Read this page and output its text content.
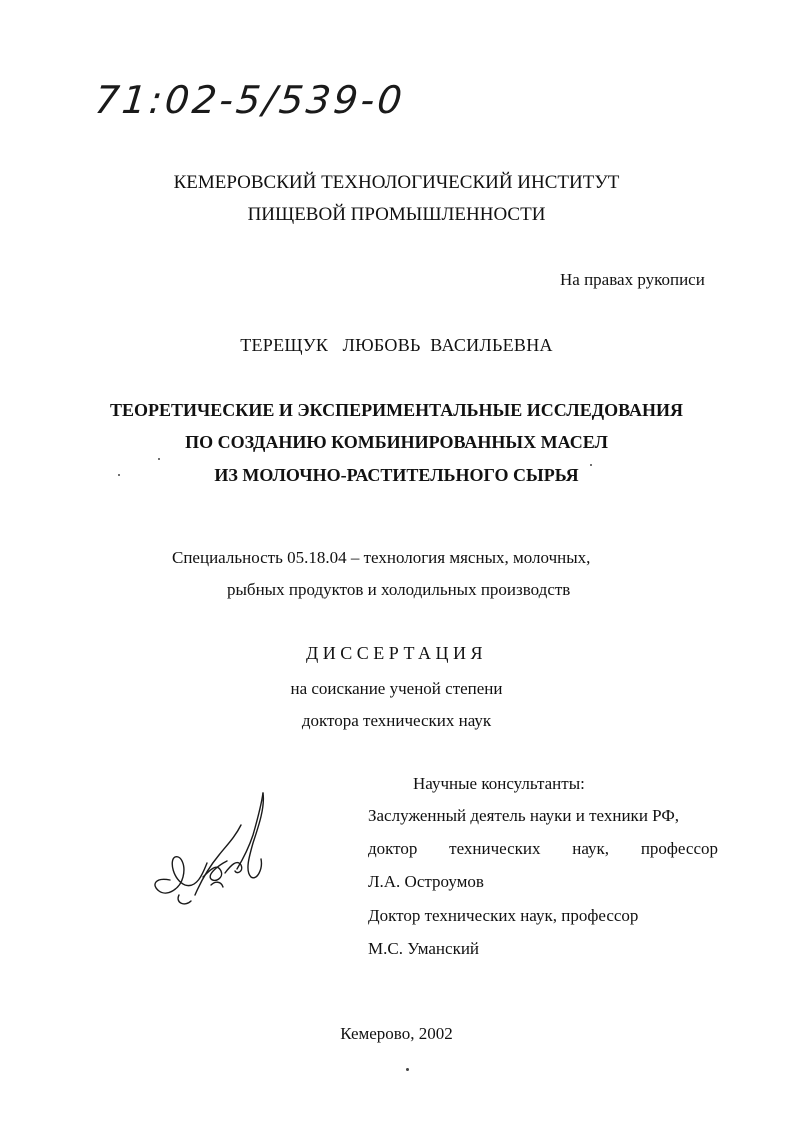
71:02-5/539-0
КЕМЕРОВСКИЙ ТЕХНОЛОГИЧЕСКИЙ ИНСТИТУТ
ПИЩЕВОЙ ПРОМЫШЛЕННОСТИ
На правах рукописи
ТЕРЕЩУК   ЛЮБОВЬ  ВАСИЛЬЕВНА
ТЕОРЕТИЧЕСКИЕ И ЭКСПЕРИМЕНТАЛЬНЫЕ ИССЛЕДОВАНИЯ
ПО СОЗДАНИЮ КОМБИНИРОВАННЫХ МАСЕЛ
ИЗ МОЛОЧНО-РАСТИТЕЛЬНОГО СЫРЬЯ
Специальность 05.18.04 – технология мясных, молочных,
рыбных продуктов и холодильных производств
ДИССЕРТАЦИЯ
на соискание ученой степени
доктора технических наук
Научные консультанты:
Заслуженный деятель науки и техники РФ,
доктор технических наук, профессор
Л.А. Остроумов
Доктор технических наук, профессор
М.С. Уманский
Кемерово, 2002
